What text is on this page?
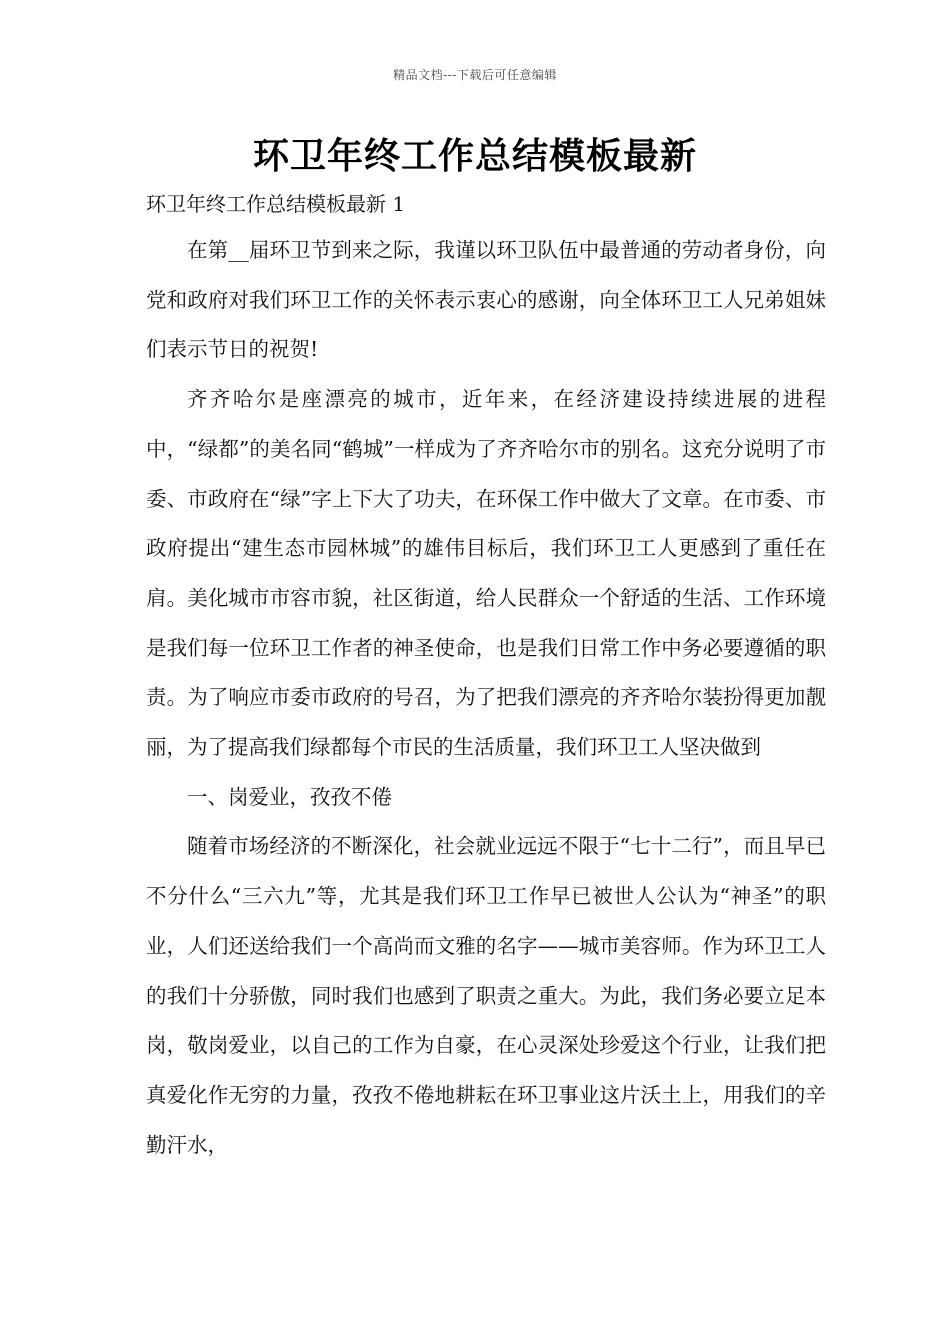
精品文档---下载后可任意编辑
环卫年终工作总结模板最新
环卫年终工作总结模板最新 1

在第__届环卫节到来之际，我谨以环卫队伍中最普通的劳动者身份，向党和政府对我们环卫工作的关怀表示衷心的感谢，向全体环卫工人兄弟姐妹们表示节日的祝贺!

齐齐哈尔是座漂亮的城市，近年来，在经济建设持续进展的进程中，“绿都”的美名同“鹤城”一样成为了齐齐哈尔市的别名。这充分说明了市委、市政府在“绿”字上下大了功夫，在环保工作中做大了文章。在市委、市政府提出“建生态市园林城”的雄伟目标后，我们环卫工人更感到了重任在肩。美化城市市容市貌，社区街道，给人民群众一个舒适的生活、工作环境是我们每一位环卫工作者的神圣使命，也是我们日常工作中务必要遵循的职责。为了响应市委市政府的号召，为了把我们漂亮的齐齐哈尔装扮得更加靓丽，为了提高我们绿都每个市民的生活质量，我们环卫工人坚决做到

一、岗爱业，孜孜不倦

随着市场经济的不断深化，社会就业远远不限于“七十二行”，而且早已不分什么“三六九”等，尤其是我们环卫工作早已被世人公认为“神圣”的职业，人们还送给我们一个高尚而文雅的名字——城市美容师。作为环卫工人的我们十分骄傲，同时我们也感到了职责之重大。为此，我们务必要立足本岗，敬岗爱业，以自己的工作为自豪，在心灵深处珍爱这个行业，让我们把真爱化作无穷的力量，孜孜不倦地耕耘在环卫事业这片沃土上，用我们的辛勤汗水，
